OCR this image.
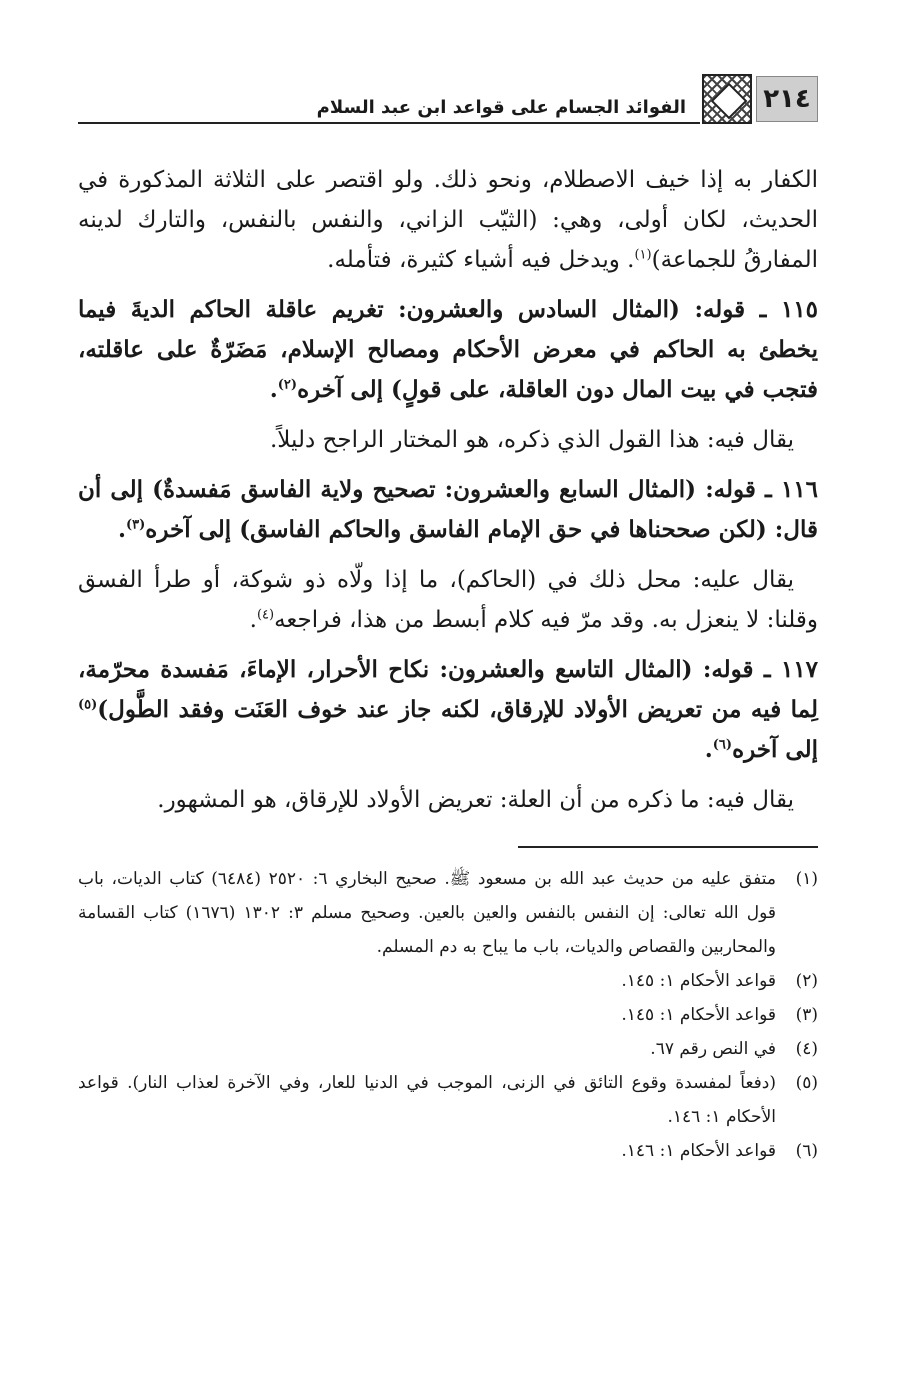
الفوائد الجسام على قواعد ابن عبد السلام	٢١٤

الكفار به إذا خيف الاصطلام، ونحو ذلك. ولو اقتصر على الثلاثة المذكورة في الحديث، لكان أولى، وهي: (الثيّب الزاني، والنفس بالنفس، والتارك لدينه المفارقُ للجماعة)$^{(١)}$. ويدخل فيه أشياء كثيرة، فتأمله.

١١٥ ـ قوله: (المثال السادس والعشرون: تغريم عاقلة الحاكم الديةَ فيما يخطئ به الحاكم في معرض الأحكام ومصالح الإسلام، مَضَرّةٌ على عاقلته، فتجب في بيت المال دون العاقلة، على قولٍ) إلى آخره$^{(٢)}$.

يقال فيه: هذا القول الذي ذكره، هو المختار الراجح دليلاً.

١١٦ ـ قوله: (المثال السابع والعشرون: تصحيح ولاية الفاسق مَفسدةٌ) إلى أن قال: (لكن صححناها في حق الإمام الفاسق والحاكم الفاسق) إلى آخره$^{(٣)}$.

يقال عليه: محل ذلك في (الحاكم)، ما إذا ولّاه ذو شوكة، أو طرأ الفسق وقلنا: لا ينعزل به. وقد مرّ فيه كلام أبسط من هذا، فراجعه$^{(٤)}$.

١١٧ ـ قوله: (المثال التاسع والعشرون: نكاح الأحرار، الإماءَ، مَفسدة محرّمة، لِما فيه من تعريض الأولاد للإرقاق، لكنه جاز عند خوف العَنَت وفقد الطَّول)$^{(٥)}$ إلى آخره$^{(٦)}$.

يقال فيه: ما ذكره من أن العلة: تعريض الأولاد للإرقاق، هو المشهور.

(١)
متفق عليه من حديث عبد الله بن مسعود ﷺ. صحيح البخاري ٦: ٢٥٢٠ (٦٤٨٤) كتاب الديات، باب قول الله تعالى: إن النفس بالنفس والعين بالعين. وصحيح مسلم ٣: ١٣٠٢ (١٦٧٦) كتاب القسامة والمحاربين والقصاص والديات، باب ما يباح به دم المسلم.
(٢)
قواعد الأحكام ١: ١٤٥.
(٣)
قواعد الأحكام ١: ١٤٥.
(٤)
في النص رقم ٦٧.
(٥)
(دفعاً لمفسدة وقوع التائق في الزنى، الموجب في الدنيا للعار، وفي الآخرة لعذاب النار). قواعد الأحكام ١: ١٤٦.
(٦)
قواعد الأحكام ١: ١٤٦.
